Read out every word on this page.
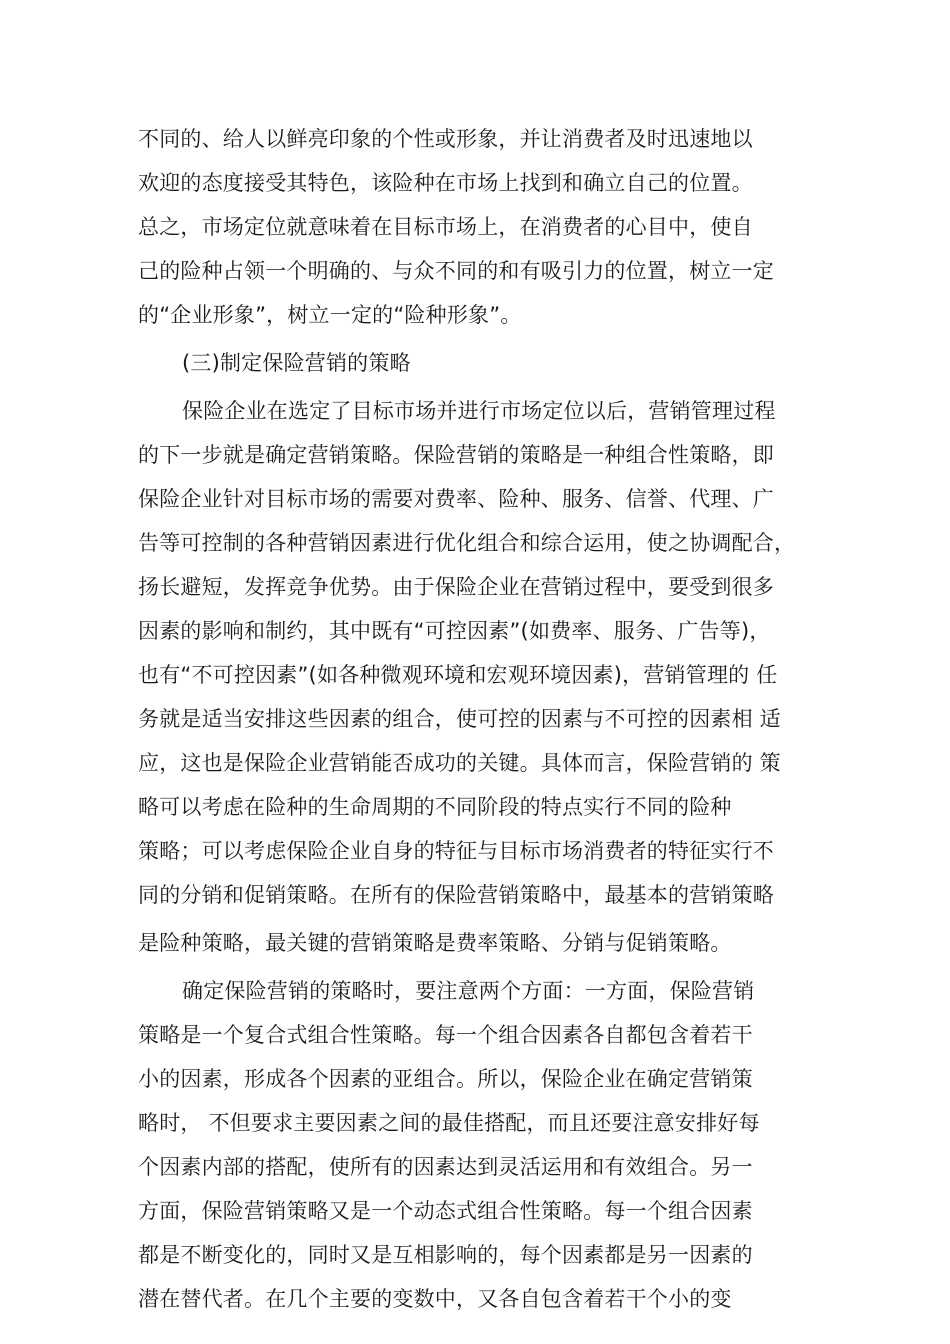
不同的、给人以鲜亮印象的个性或形象，并让消费者及时迅速地以
欢迎的态度接受其特色，该险种在市场上找到和确立自己的位置。
总之，市场定位就意味着在目标市场上，在消费者的心目中，使自
己的险种占领一个明确的、与众不同的和有吸引力的位置，树立一定
的“企业形象”，树立一定的“险种形象”。
(三)制定保险营销的策略
保险企业在选定了目标市场并进行市场定位以后，营销管理过程
的下一步就是确定营销策略。保险营销的策略是一种组合性策略，即
保险企业针对目标市场的需要对费率、险种、服务、信誉、代理、广
告等可控制的各种营销因素进行优化组合和综合运用，使之协调配合，
扬长避短，发挥竞争优势。由于保险企业在营销过程中，要受到很多
因素的影响和制约，其中既有“可控因素”(如费率、服务、广告等)，
也有“不可控因素”(如各种微观环境和宏观环境因素)，营销管理的 任
务就是适当安排这些因素的组合，使可控的因素与不可控的因素相 适
应，这也是保险企业营销能否成功的关键。具体而言，保险营销的 策
略可以考虑在险种的生命周期的不同阶段的特点实行不同的险种
策略；可以考虑保险企业自身的特征与目标市场消费者的特征实行不
同的分销和促销策略。在所有的保险营销策略中，最基本的营销策略
是险种策略，最关键的营销策略是费率策略、分销与促销策略。
确定保险营销的策略时，要注意两个方面：一方面，保险营销
策略是一个复合式组合性策略。每一个组合因素各自都包含着若干
小的因素，形成各个因素的亚组合。所以，保险企业在确定营销策
略时， 不但要求主要因素之间的最佳搭配，而且还要注意安排好每
个因素内部的搭配，使所有的因素达到灵活运用和有效组合。另一
方面，保险营销策略又是一个动态式组合性策略。每一个组合因素
都是不断变化的，同时又是互相影响的，每个因素都是另一因素的
潜在替代者。在几个主要的变数中，又各自包含着若干个小的变
